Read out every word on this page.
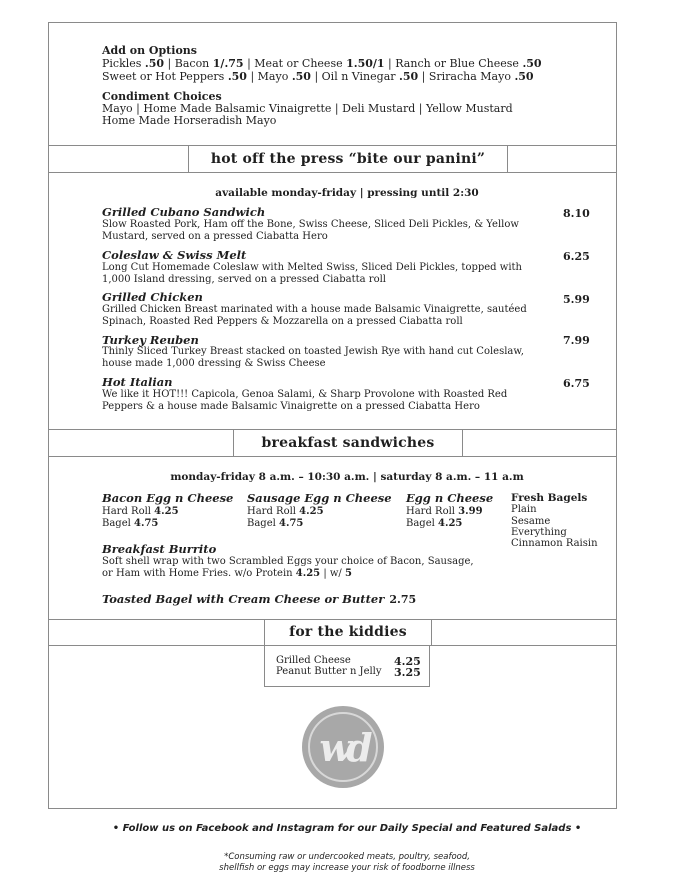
Add on Options
Pickles .50 | Bacon 1/.75 | Meat or Cheese 1.50/1 | Ranch or Blue Cheese .50
Sweet or Hot Peppers .50 | Mayo .50 | Oil n Vinegar .50 | Sriracha Mayo .50
Condiment Choices
Mayo | Home Made Balsamic Vinaigrette | Deli Mustard | Yellow Mustard
Home Made Horseradish Mayo
hot off the press “bite our panini”
available monday-friday | pressing until 2:30
Grilled Cubano Sandwich	8.10
Slow Roasted Pork, Ham off the Bone, Swiss Cheese, Sliced Deli Pickles, & Yellow
Mustard, served on a pressed Ciabatta Hero
Coleslaw & Swiss Melt	6.25
Long Cut Homemade Coleslaw with Melted Swiss, Sliced Deli Pickles, topped with
1,000 Island dressing, served on a pressed Ciabatta roll
Grilled Chicken	5.99
Grilled Chicken Breast marinated with a house made Balsamic Vinaigrette, sautéed
Spinach, Roasted Red Peppers & Mozzarella on a pressed Ciabatta roll
Turkey Reuben	7.99
Thinly Sliced Turkey Breast stacked on toasted Jewish Rye with hand cut Coleslaw,
house made 1,000 dressing & Swiss Cheese
Hot Italian	6.75
We like it HOT!!! Capicola, Genoa Salami, & Sharp Provolone with Roasted Red
Peppers & a house made Balsamic Vinaigrette on a pressed Ciabatta Hero
breakfast sandwiches
monday-friday 8 a.m. – 10:30 a.m. | saturday 8 a.m. – 11 a.m
Bacon Egg n Cheese
Hard Roll 4.25
Bagel 4.75
Sausage Egg n Cheese
Hard Roll 4.25
Bagel 4.75
Egg n Cheese
Hard Roll 3.99
Bagel 4.25
Fresh Bagels
Plain
Sesame
Everything
Cinnamon Raisin
Breakfast Burrito
Soft shell wrap with two Scrambled Eggs your choice of Bacon, Sausage,
or Ham with Home Fries. w/o Protein 4.25 | w/ 5
Toasted Bagel with Cream Cheese or Butter 2.75
for the kiddies
Grilled Cheese	4.25
Peanut Butter n Jelly 3.25
wd
• Follow us on Facebook and Instagram for our Daily Special and Featured Salads •
*Consuming raw or undercooked meats, poultry, seafood,
shellfish or eggs may increase your risk of foodborne illness
